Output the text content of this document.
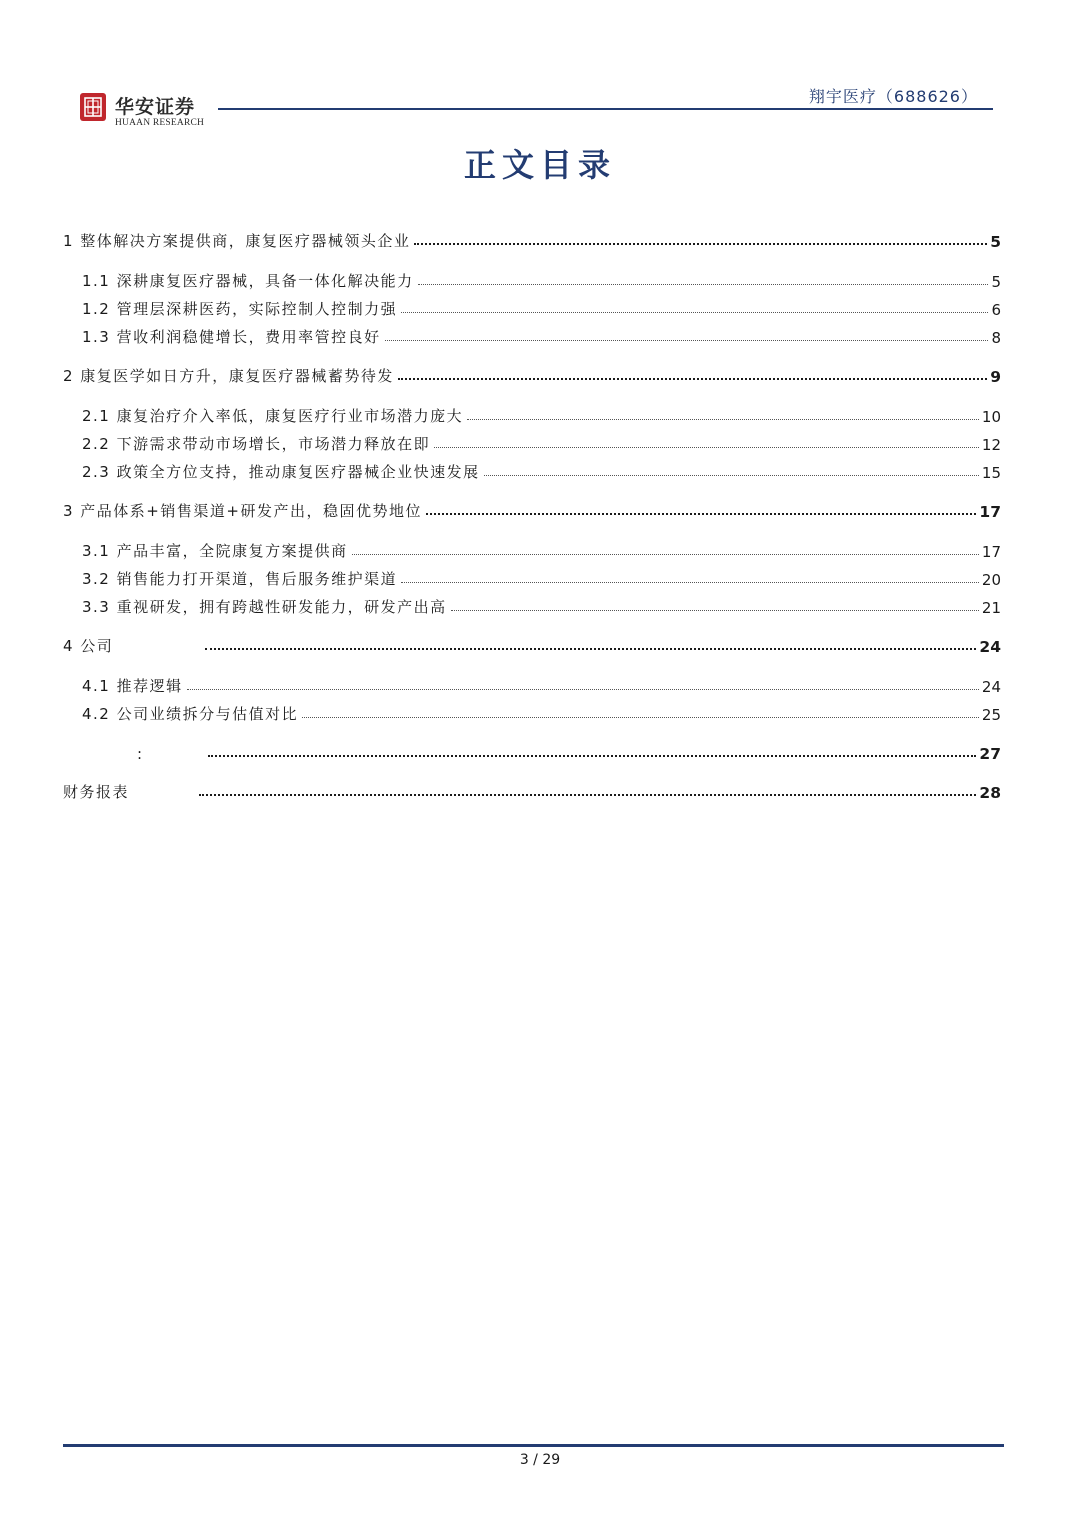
华安证券
HUAAN RESEARCH
翔宇医疗（688626）
正文目录
1 整体解决方案提供商，康复医疗器械领头企业	5
1.1 深耕康复医疗器械，具备一体化解决能力	5
1.2 管理层深耕医药，实际控制人控制力强	6
1.3 营收利润稳健增长，费用率管控良好	8
2 康复医学如日方升，康复医疗器械蓄势待发	9
2.1 康复治疗介入率低，康复医疗行业市场潜力庞大	10
2.2 下游需求带动市场增长，市场潜力释放在即	12
2.3 政策全方位支持，推动康复医疗器械企业快速发展	15
3 产品体系+销售渠道+研发产出，稳固优势地位	17
3.1 产品丰富，全院康复方案提供商	17
3.2 销售能力打开渠道，售后服务维护渠道	20
3.3 重视研发，拥有跨越性研发能力，研发产出高	21
4 公司	24
4.1 推荐逻辑	24
4.2 公司业绩拆分与估值对比	25
:	27
财务报表	28
3 / 29
